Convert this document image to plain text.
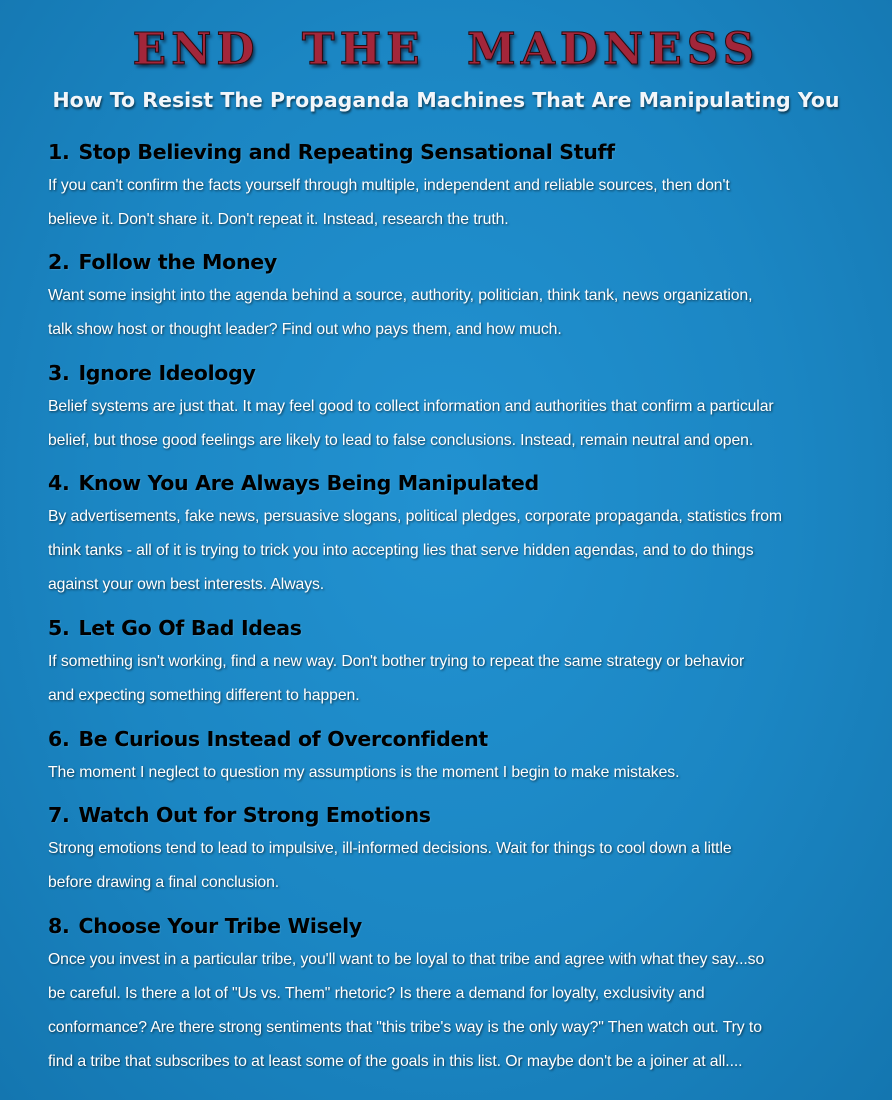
END THE MADNESS
How To Resist The Propaganda Machines That Are Manipulating You
1. Stop Believing and Repeating Sensational Stuff

If you can't confirm the facts yourself through multiple, independent and reliable sources, then don't
believe it. Don't share it. Don't repeat it. Instead, research the truth.

2. Follow the Money

Want some insight into the agenda behind a source, authority, politician, think tank, news organization,
talk show host or thought leader? Find out who pays them, and how much.

3. Ignore Ideology

Belief systems are just that. It may feel good to collect information and authorities that confirm a particular
belief, but those good feelings are likely to lead to false conclusions. Instead, remain neutral and open.

4. Know You Are Always Being Manipulated

By advertisements, fake news, persuasive slogans, political pledges, corporate propaganda, statistics from
think tanks - all of it is trying to trick you into accepting lies that serve hidden agendas, and to do things
against your own best interests. Always.

5. Let Go Of Bad Ideas

If something isn't working, find a new way. Don't bother trying to repeat the same strategy or behavior
and expecting something different to happen.

6. Be Curious Instead of Overconfident

The moment I neglect to question my assumptions is the moment I begin to make mistakes.

7. Watch Out for Strong Emotions

Strong emotions tend to lead to impulsive, ill-informed decisions. Wait for things to cool down a little
before drawing a final conclusion.

8. Choose Your Tribe Wisely

Once you invest in a particular tribe, you'll want to be loyal to that tribe and agree with what they say...so
be careful. Is there a lot of "Us vs. Them" rhetoric? Is there a demand for loyalty, exclusivity and
conformance? Are there strong sentiments that "this tribe's way is the only way?" Then watch out. Try to
find a tribe that subscribes to at least some of the goals in this list. Or maybe don't be a joiner at all....
